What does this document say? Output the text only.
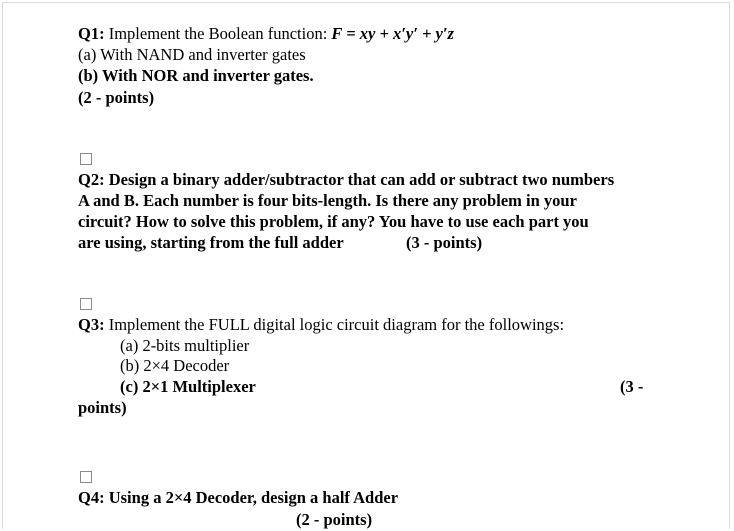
Q1: Implement the Boolean function: F = xy + x′y′ + y′z
(a) With NAND and inverter gates
(b) With NOR and inverter gates.
(2 - points)
Q2: Design a binary adder/subtractor that can add or subtract two numbers
A and B. Each number is four bits-length. Is there any problem in your
circuit? How to solve this problem, if any? You have to use each part you
are using, starting from the full adder	(3 - points)
Q3: Implement the FULL digital logic circuit diagram for the followings:
(a) 2-bits multiplier
(b) 2×4 Decoder
(c) 2×1 Multiplexer	(3 -
points)
Q4: Using a 2×4 Decoder, design a half Adder
(2 - points)
